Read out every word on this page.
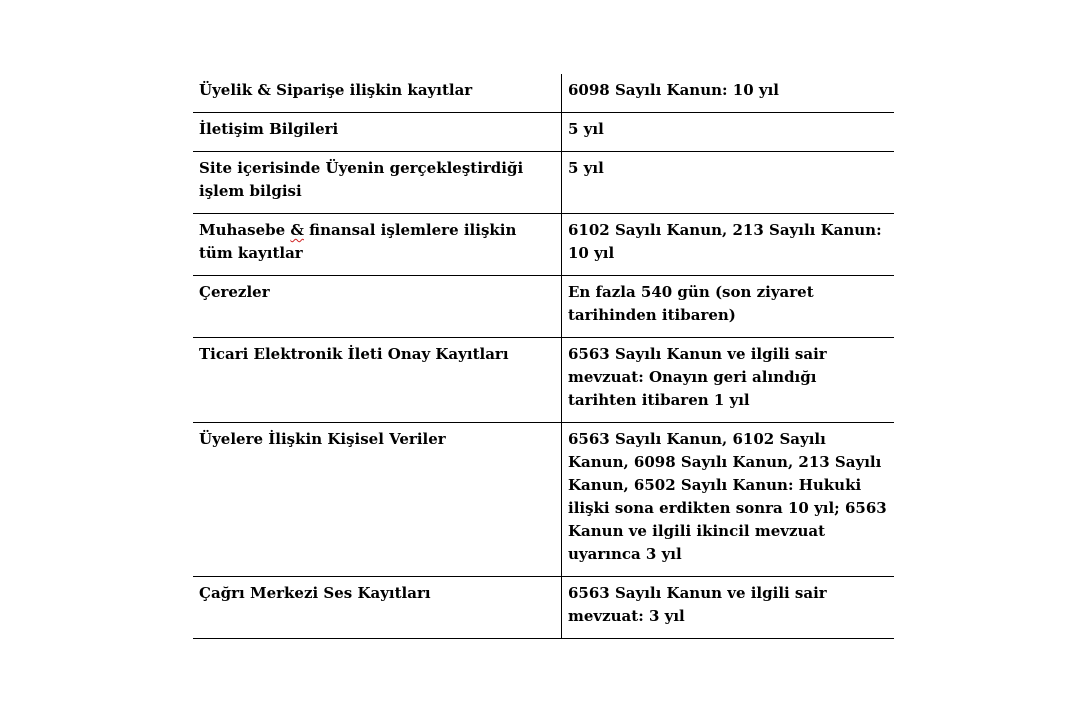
Üyelik & Siparişe ilişkin kayıtlar	6098 Sayılı Kanun: 10 yıl
İletişim Bilgileri	5 yıl
Site içerisinde Üyenin gerçekleştirdiği işlem bilgisi	5 yıl
Muhasebe & finansal işlemlere ilişkin tüm kayıtlar	6102 Sayılı Kanun, 213 Sayılı Kanun: 10 yıl
Çerezler	En fazla 540 gün (son ziyaret tarihinden itibaren)
Ticari Elektronik İleti Onay Kayıtları	6563 Sayılı Kanun ve ilgili sair mevzuat: Onayın geri alındığı tarihten itibaren 1 yıl
Üyelere İlişkin Kişisel Veriler	6563 Sayılı Kanun, 6102 Sayılı Kanun, 6098 Sayılı Kanun, 213 Sayılı Kanun, 6502 Sayılı Kanun: Hukuki ilişki sona erdikten sonra 10 yıl; 6563 Kanun ve ilgili ikincil mevzuat uyarınca 3 yıl
Çağrı Merkezi Ses Kayıtları	6563 Sayılı Kanun ve ilgili sair mevzuat: 3 yıl
